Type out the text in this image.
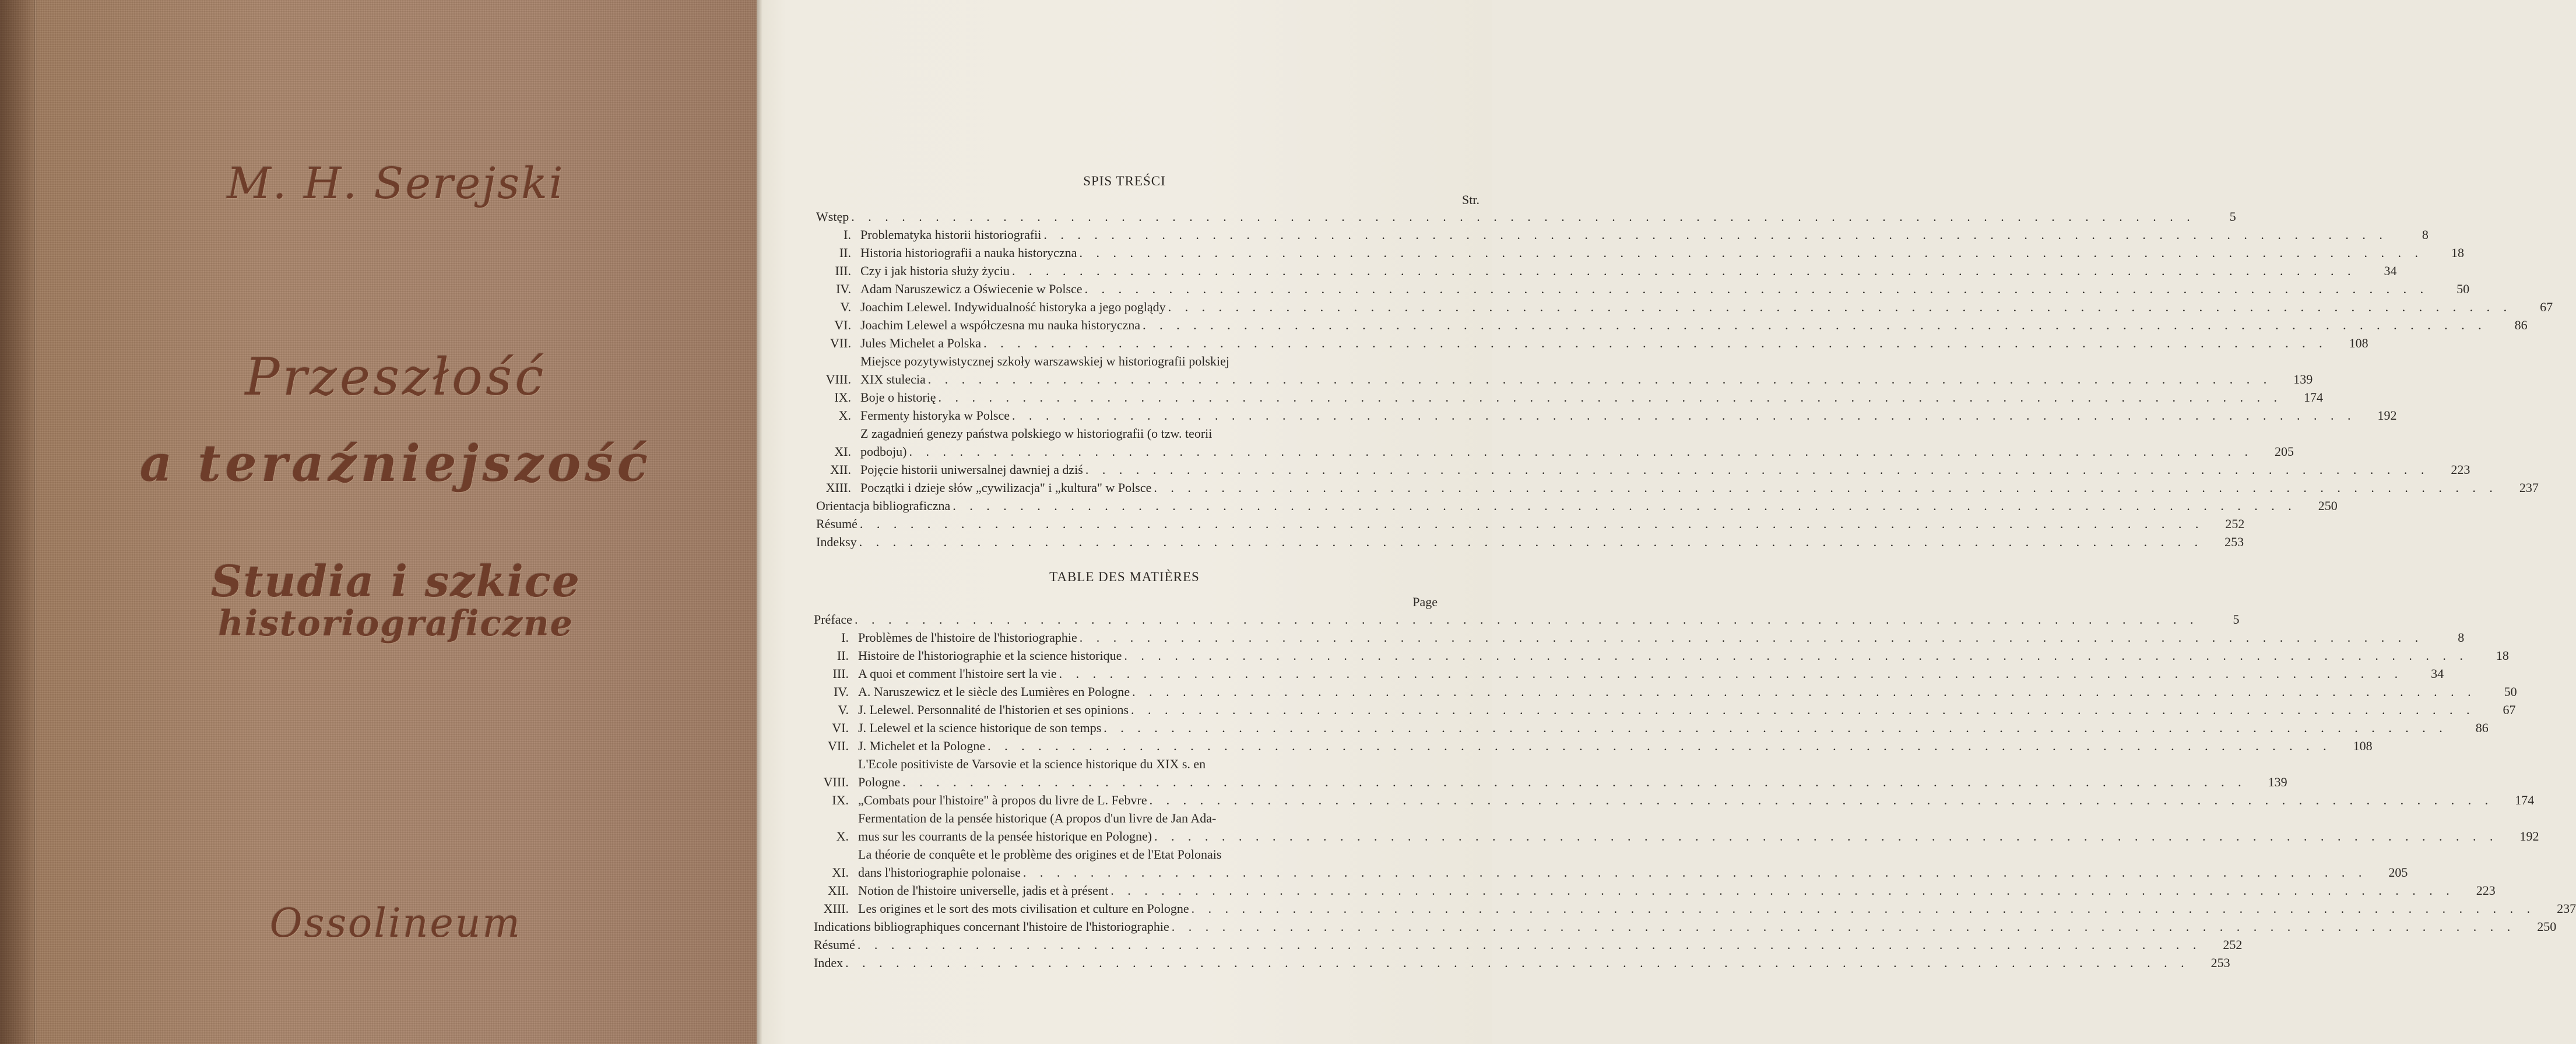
M. H. Serejski
Przeszłość
a teraźniejszość
Studia i szkice
historiograficzne
Ossolineum
SPIS TREŚCI
Str.
Wstęp . . . . . . . . . . . . . . . . . . . . . . . . . . . . . . . . . . . . . . . . . . . . . . . . . . . . . . . . . . . . . . . . . . . . . . . . . . . . . . . .	5
I. Problematyka historii historiografii . . . . . . . . . . . . . . . . . . . . . . . . . . . . . . . . . . . . . . . . . . . . . . . . . . . . . . . . . . . . . . . . . . . . . . . . . . . . . . . .	8
II. Historia historiografii a nauka historyczna . . . . . . . . . . . . . . . . . . . . . . . . . . . . . . . . . . . . . . . . . . . . . . . . . . . . . . . . . . . . . . . . . . . . . . . . . . . . . . . .	18
III. Czy i jak historia służy życiu . . . . . . . . . . . . . . . . . . . . . . . . . . . . . . . . . . . . . . . . . . . . . . . . . . . . . . . . . . . . . . . . . . . . . . . . . . . . . . . .	34
IV. Adam Naruszewicz a Oświecenie w Polsce . . . . . . . . . . . . . . . . . . . . . . . . . . . . . . . . . . . . . . . . . . . . . . . . . . . . . . . . . . . . . . . . . . . . . . . . . . . . . . . .	50
V. Joachim Lelewel. Indywidualność historyka a jego poglądy . . . . . . . . . . . . . . . . . . . . . . . . . . . . . . . . . . . . . . . . . . . . . . . . . . . . . . . . . . . . . . . . . . . . . . . . . . . . . . . .	67
VI. Joachim Lelewel a współczesna mu nauka historyczna . . . . . . . . . . . . . . . . . . . . . . . . . . . . . . . . . . . . . . . . . . . . . . . . . . . . . . . . . . . . . . . . . . . . . . . . . . . . . . . .	86
VII. Jules Michelet a Polska . . . . . . . . . . . . . . . . . . . . . . . . . . . . . . . . . . . . . . . . . . . . . . . . . . . . . . . . . . . . . . . . . . . . . . . . . . . . . . . .	108
VIII.
Miejsce pozytywistycznej szkoły warszawskiej w historiografii polskiej
XIX stulecia . . . . . . . . . . . . . . . . . . . . . . . . . . . . . . . . . . . . . . . . . . . . . . . . . . . . . . . . . . . . . . . . . . . . . . . . . . . . . . . .	139
IX. Boje o historię . . . . . . . . . . . . . . . . . . . . . . . . . . . . . . . . . . . . . . . . . . . . . . . . . . . . . . . . . . . . . . . . . . . . . . . . . . . . . . . .	174
X. Fermenty historyka w Polsce . . . . . . . . . . . . . . . . . . . . . . . . . . . . . . . . . . . . . . . . . . . . . . . . . . . . . . . . . . . . . . . . . . . . . . . . . . . . . . . .	192
XI.
Z zagadnień genezy państwa polskiego w historiografii (o tzw. teorii
podboju) . . . . . . . . . . . . . . . . . . . . . . . . . . . . . . . . . . . . . . . . . . . . . . . . . . . . . . . . . . . . . . . . . . . . . . . . . . . . . . . .	205
XII. Pojęcie historii uniwersalnej dawniej a dziś . . . . . . . . . . . . . . . . . . . . . . . . . . . . . . . . . . . . . . . . . . . . . . . . . . . . . . . . . . . . . . . . . . . . . . . . . . . . . . . .	223
XIII. Początki i dzieje słów „cywilizacja" i „kultura" w Polsce . . . . . . . . . . . . . . . . . . . . . . . . . . . . . . . . . . . . . . . . . . . . . . . . . . . . . . . . . . . . . . . . . . . . . . . . . . . . . . . .	237
Orientacja bibliograficzna . . . . . . . . . . . . . . . . . . . . . . . . . . . . . . . . . . . . . . . . . . . . . . . . . . . . . . . . . . . . . . . . . . . . . . . . . . . . . . . .	250
Résumé . . . . . . . . . . . . . . . . . . . . . . . . . . . . . . . . . . . . . . . . . . . . . . . . . . . . . . . . . . . . . . . . . . . . . . . . . . . . . . . .	252
Indeksy . . . . . . . . . . . . . . . . . . . . . . . . . . . . . . . . . . . . . . . . . . . . . . . . . . . . . . . . . . . . . . . . . . . . . . . . . . . . . . . .	253
TABLE DES MATIÈRES
Page
Préface . . . . . . . . . . . . . . . . . . . . . . . . . . . . . . . . . . . . . . . . . . . . . . . . . . . . . . . . . . . . . . . . . . . . . . . . . . . . . . . .	5
I. Problèmes de l'histoire de l'historiographie . . . . . . . . . . . . . . . . . . . . . . . . . . . . . . . . . . . . . . . . . . . . . . . . . . . . . . . . . . . . . . . . . . . . . . . . . . . . . . . .	8
II. Histoire de l'historiographie et la science historique . . . . . . . . . . . . . . . . . . . . . . . . . . . . . . . . . . . . . . . . . . . . . . . . . . . . . . . . . . . . . . . . . . . . . . . . . . . . . . . .	18
III. A quoi et comment l'histoire sert la vie . . . . . . . . . . . . . . . . . . . . . . . . . . . . . . . . . . . . . . . . . . . . . . . . . . . . . . . . . . . . . . . . . . . . . . . . . . . . . . . .	34
IV. A. Naruszewicz et le siècle des Lumières en Pologne . . . . . . . . . . . . . . . . . . . . . . . . . . . . . . . . . . . . . . . . . . . . . . . . . . . . . . . . . . . . . . . . . . . . . . . . . . . . . . . .	50
V. J. Lelewel. Personnalité de l'historien et ses opinions . . . . . . . . . . . . . . . . . . . . . . . . . . . . . . . . . . . . . . . . . . . . . . . . . . . . . . . . . . . . . . . . . . . . . . . . . . . . . . . .	67
VI. J. Lelewel et la science historique de son temps . . . . . . . . . . . . . . . . . . . . . . . . . . . . . . . . . . . . . . . . . . . . . . . . . . . . . . . . . . . . . . . . . . . . . . . . . . . . . . . .	86
VII. J. Michelet et la Pologne . . . . . . . . . . . . . . . . . . . . . . . . . . . . . . . . . . . . . . . . . . . . . . . . . . . . . . . . . . . . . . . . . . . . . . . . . . . . . . . .	108
VIII.
L'Ecole positiviste de Varsovie et la science historique du XIX s. en
Pologne . . . . . . . . . . . . . . . . . . . . . . . . . . . . . . . . . . . . . . . . . . . . . . . . . . . . . . . . . . . . . . . . . . . . . . . . . . . . . . . .	139
IX. „Combats pour l'histoire" à propos du livre de L. Febvre . . . . . . . . . . . . . . . . . . . . . . . . . . . . . . . . . . . . . . . . . . . . . . . . . . . . . . . . . . . . . . . . . . . . . . . . . . . . . . . .	174
X.
Fermentation de la pensée historique (A propos d'un livre de Jan Ada-
mus sur les courrants de la pensée historique en Pologne) . . . . . . . . . . . . . . . . . . . . . . . . . . . . . . . . . . . . . . . . . . . . . . . . . . . . . . . . . . . . . . . . . . . . . . . . . . . . . . . .	192
XI.
La théorie de conquête et le problème des origines et de l'Etat Polonais
dans l'historiographie polonaise . . . . . . . . . . . . . . . . . . . . . . . . . . . . . . . . . . . . . . . . . . . . . . . . . . . . . . . . . . . . . . . . . . . . . . . . . . . . . . . .	205
XII. Notion de l'histoire universelle, jadis et à présent . . . . . . . . . . . . . . . . . . . . . . . . . . . . . . . . . . . . . . . . . . . . . . . . . . . . . . . . . . . . . . . . . . . . . . . . . . . . . . . .	223
XIII. Les origines et le sort des mots civilisation et culture en Pologne . . . . . . . . . . . . . . . . . . . . . . . . . . . . . . . . . . . . . . . . . . . . . . . . . . . . . . . . . . . . . . . . . . . . . . . . . . . . . . . .	237
Indications bibliographiques concernant l'histoire de l'historiographie . . . . . . . . . . . . . . . . . . . . . . . . . . . . . . . . . . . . . . . . . . . . . . . . . . . . . . . . . . . . . . . . . . . . . . . . . . . . . . . .	250
Résumé . . . . . . . . . . . . . . . . . . . . . . . . . . . . . . . . . . . . . . . . . . . . . . . . . . . . . . . . . . . . . . . . . . . . . . . . . . . . . . . .	252
Index . . . . . . . . . . . . . . . . . . . . . . . . . . . . . . . . . . . . . . . . . . . . . . . . . . . . . . . . . . . . . . . . . . . . . . . . . . . . . . . .	253
